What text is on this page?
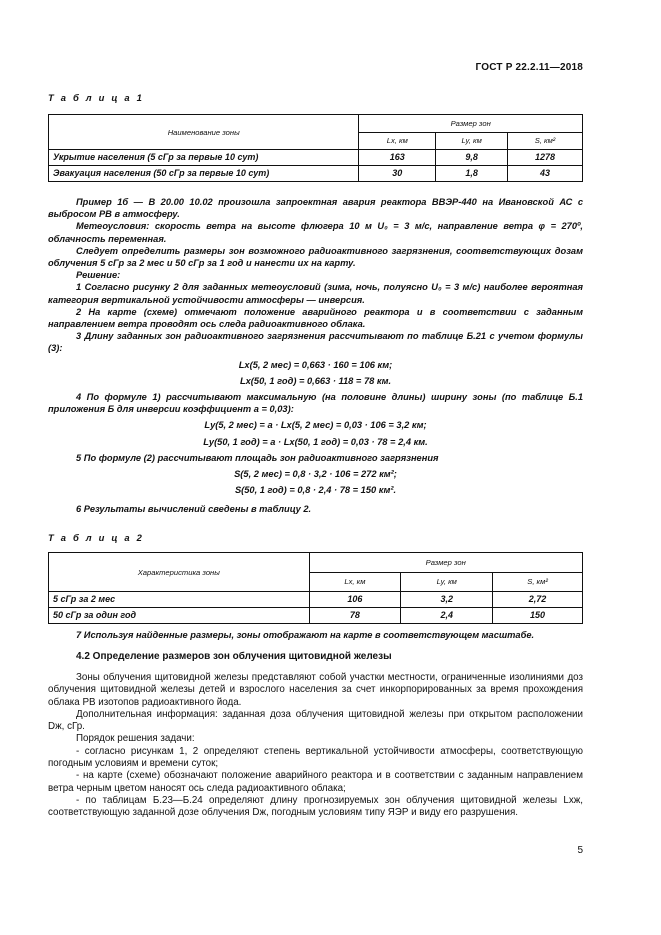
ГОСТ Р 22.2.11—2018
Т а б л и ц а 1
Наименование зоны	Размер зон		
	Lx, км	Ly, км	S, км²
Укрытие населения (5 сГр за первые 10 сут)	163	9,8	1278
Эвакуация населения (50 сГр за первые 10 сут)	30	1,8	43

Пример 1б — В 20.00 10.02 произошла запроектная авария реактора ВВЭР-440 на Ивановской АС с выбросом РВ в атмосферу.

Метеоусловия: скорость ветра на высоте флюгера 10 м U₀ = 3 м/с, направление ветра φ = 270º, облачность переменная.

Следует определить размеры зон возможного радиоактивного загрязнения, соответствующих дозам облучения 5 сГр за 2 мес и 50 сГр за 1 год и нанести их на карту.

Решение:

1 Согласно рисунку 2 для заданных метеоусловий (зима, ночь, полуясно U₀ = 3 м/с) наиболее вероятная категория вертикальной устойчивости атмосферы — инверсия.

2 На карте (схеме) отмечают положение аварийного реактора и в соответствии с заданным направлением ветра проводят ось следа радиоактивного облака.

3 Длину заданных зон радиоактивного загрязнения рассчитывают по таблице Б.21 с учетом формулы (3):

Lx(5, 2 мес) = 0,663 · 160 = 106 км;

Lx(50, 1 год) = 0,663 · 118 = 78 км.

4 По формуле 1) рассчитывают максимальную (на половине длины) ширину зоны (по таблице Б.1 приложения Б для инверсии коэффициент a = 0,03):

Ly(5, 2 мес) = a · Lx(5, 2 мес) = 0,03 · 106 = 3,2 км;

Ly(50, 1 год) = a · Lx(50, 1 год) = 0,03 · 78 = 2,4 км.

5 По формуле (2) рассчитывают площадь зон радиоактивного загрязнения

S(5, 2 мес) = 0,8 · 3,2 · 106 = 272 км²;

S(50, 1 год) = 0,8 · 2,4 · 78 = 150 км².

6 Результаты вычислений сведены в таблицу 2.

Т а б л и ц а 2
Характеристика зоны	Размер зон		
	Lx, км	Ly, км	S, км²
5 сГр за 2 мес	106	3,2	2,72
50 сГр за один год	78	2,4	150

7 Используя найденные размеры, зоны отображают на карте в соответствующем масштабе.

4.2 Определение размеров зон облучения щитовидной железы

Зоны облучения щитовидной железы представляют собой участки местности, ограниченные изолиниями доз облучения щитовидной железы детей и взрослого населения за счет инкорпорированных за время прохождения облака РВ изотопов радиоактивного йода.

Дополнительная информация: заданная доза облучения щитовидной железы при открытом расположении Dж, сГр.

Порядок решения задачи:

- согласно рисункам 1, 2 определяют степень вертикальной устойчивости атмосферы, соответствующую погодным условиям и времени суток;

- на карте (схеме) обозначают положение аварийного реактора и в соответствии с заданным направлением ветра черным цветом наносят ось следа радиоактивного облака;

- по таблицам Б.23—Б.24 определяют длину прогнозируемых зон облучения щитовидной железы Lхж, соответствующую заданной дозе облучения Dж, погодным условиям типу ЯЭР и виду его разрушения.

5
